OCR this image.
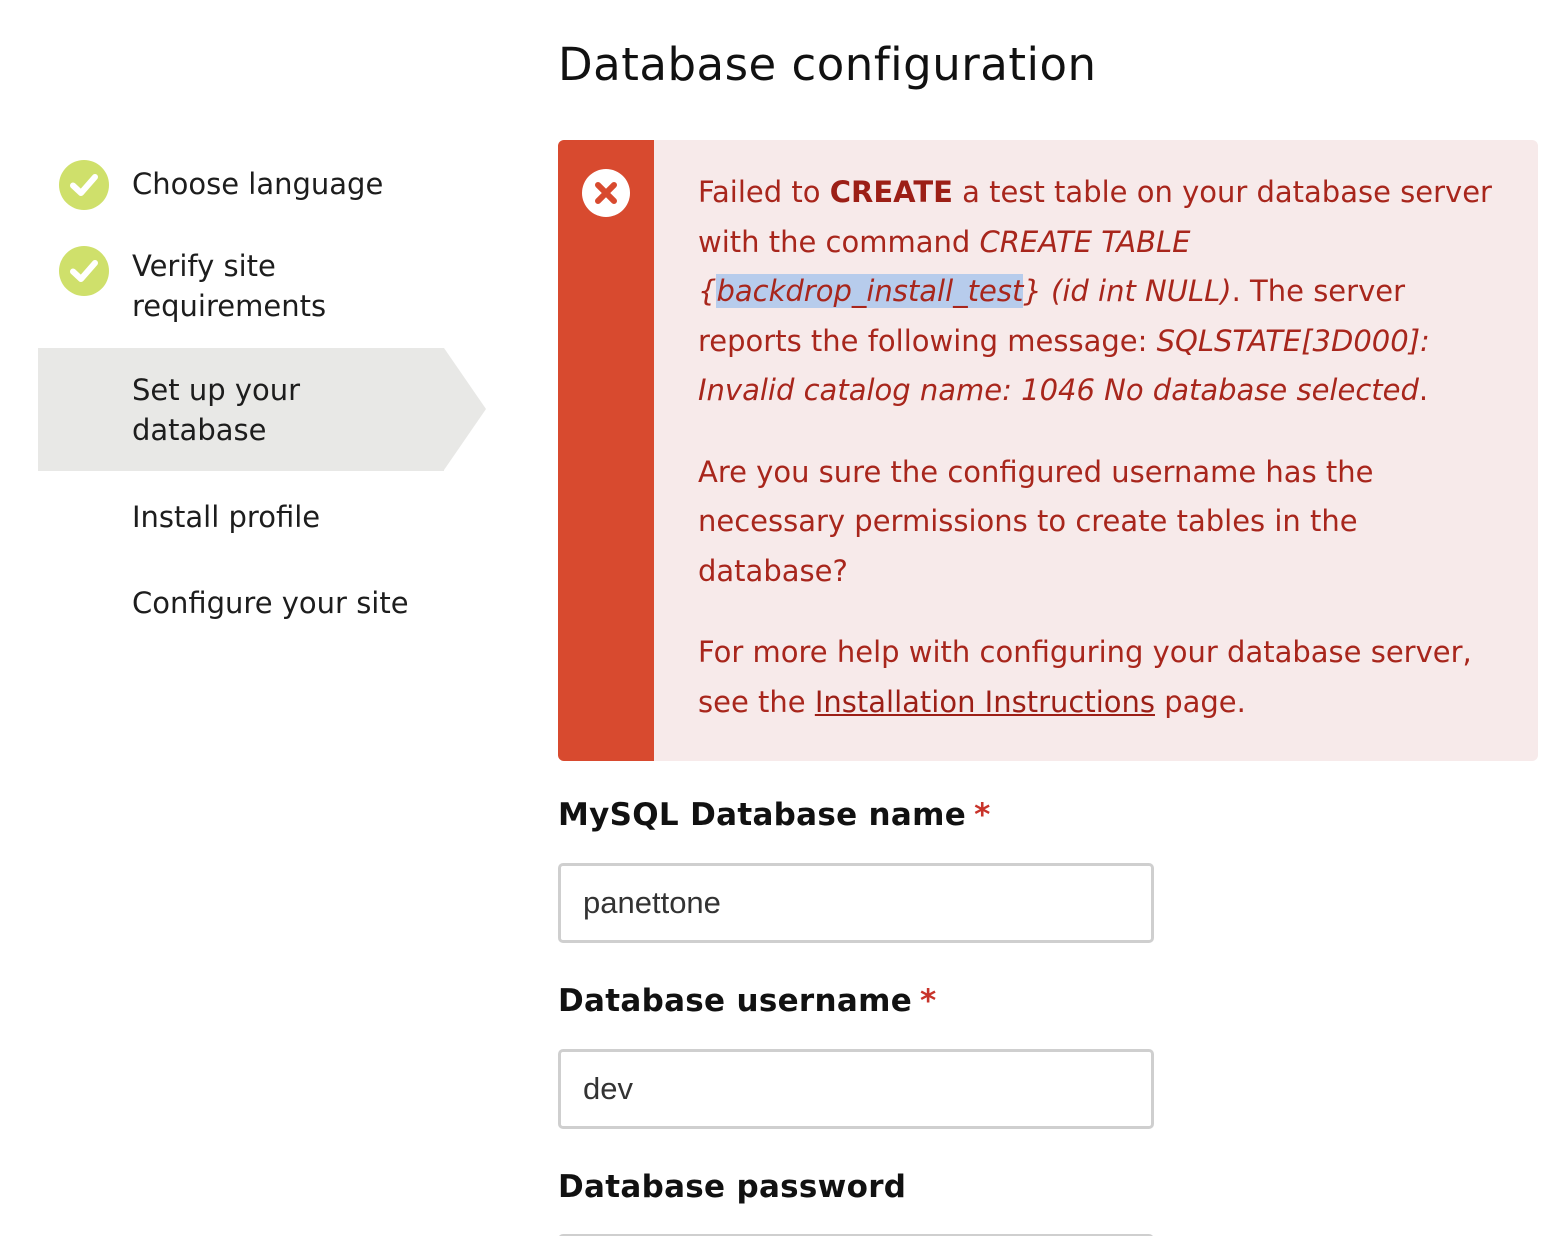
Database configuration
Choose language
Verify site requirements
Set up your database
Install profile
Configure your site

Failed to CREATE a test table on your database server with the command CREATE TABLE {backdrop_install_test} (id int NULL). The server reports the following message: SQLSTATE[3D000]: Invalid catalog name: 1046 No database selected.

Are you sure the configured username has the necessary permissions to create tables in the database?

For more help with configuring your database server, see the Installation Instructions page.

MySQL Database name *
panettone
Database username *
dev
Database password
